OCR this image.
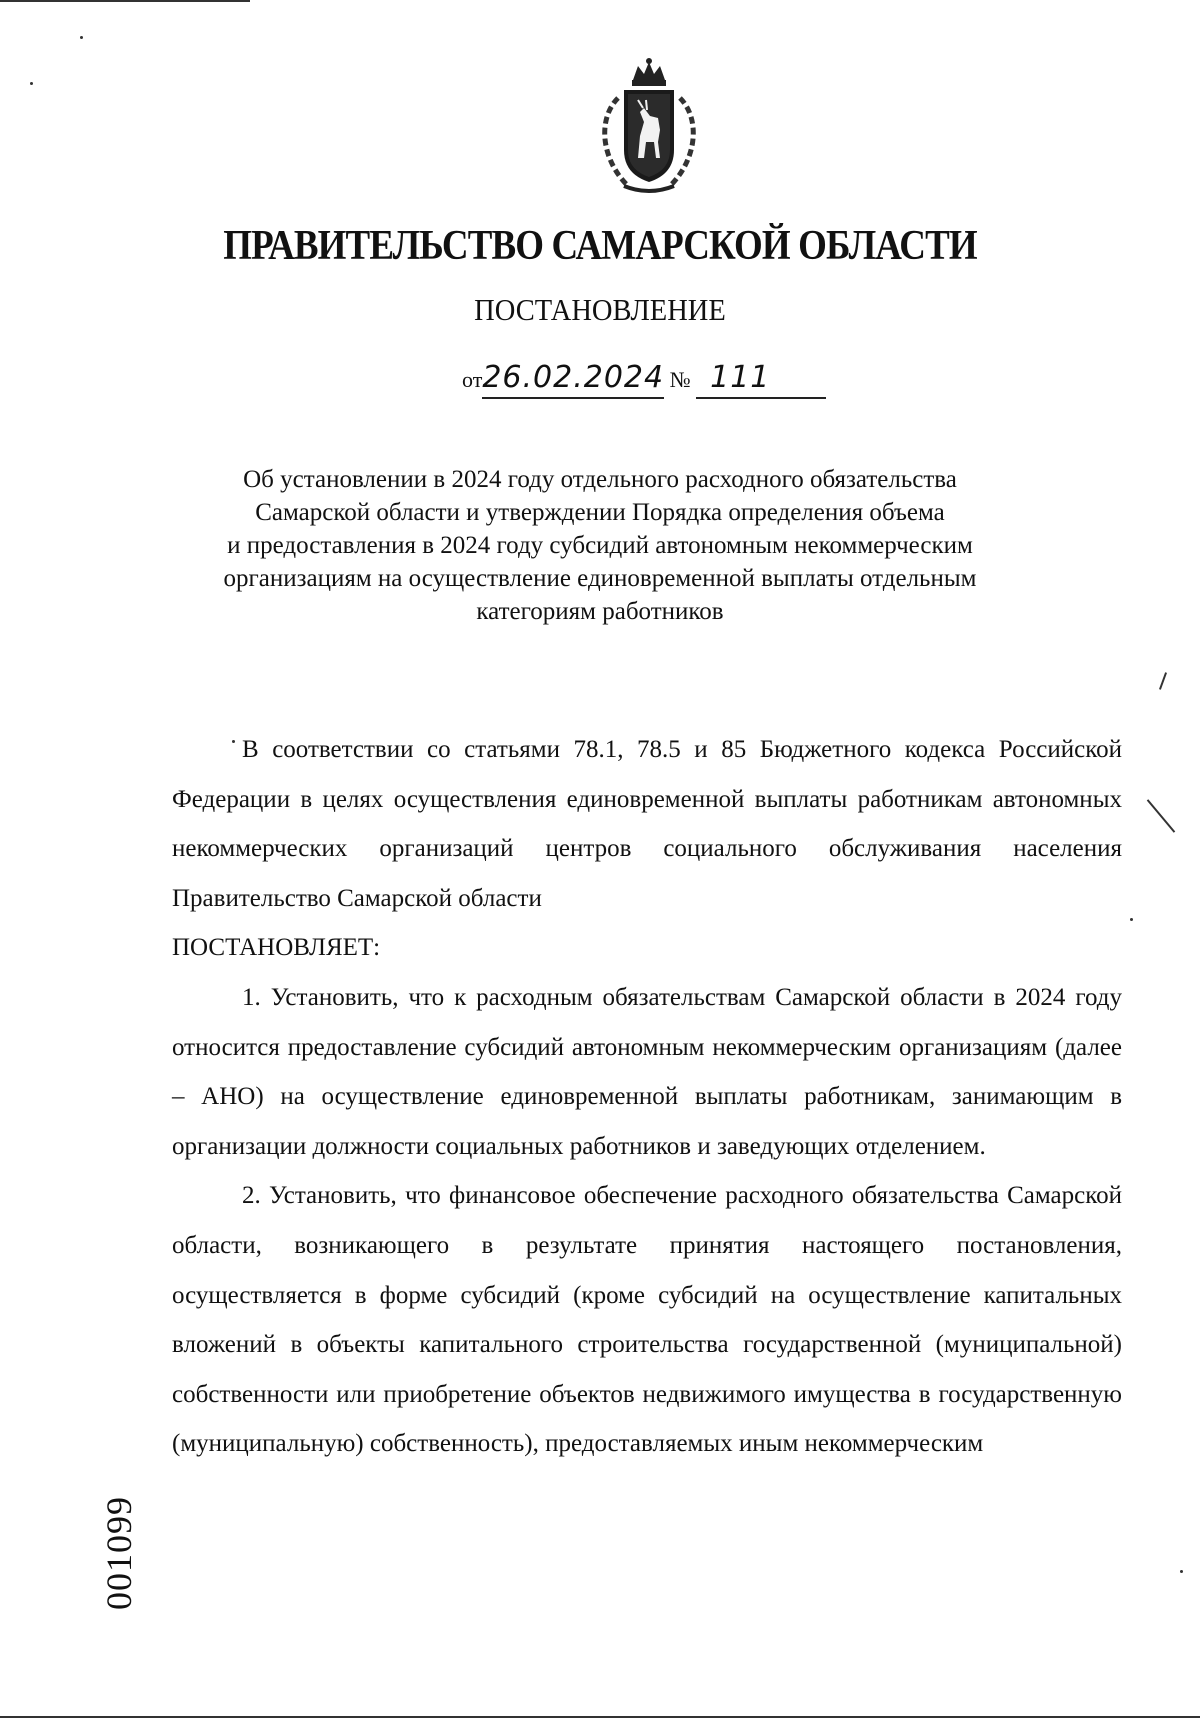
ПРАВИТЕЛЬСТВО САМАРСКОЙ ОБЛАСТИ
ПОСТАНОВЛЕНИЕ
от26.02.2024 № 111
Об установлении в 2024 году отдельного расходного обязательства
Самарской области и утверждении Порядка определения объема
и предоставления в 2024 году субсидий автономным некоммерческим
организациям на осуществление единовременной выплаты отдельным
категориям работников

В соответствии со статьями 78.1, 78.5 и 85 Бюджетного кодекса Российской Федерации в целях осуществления единовременной выплаты работникам автономных некоммерческих организаций центров социального обслуживания населения Правительство Самарской области

ПОСТАНОВЛЯЕТ:

1. Установить, что к расходным обязательствам Самарской области в 2024 году относится предоставление субсидий автономным некоммерческим организациям (далее – АНО) на осуществление единовременной выплаты работникам, занимающим в организации должности социальных работников и заведующих отделением.

2. Установить, что финансовое обеспечение расходного обязательства Самарской области, возникающего в результате принятия настоящего постановления, осуществляется в форме субсидий (кроме субсидий на осуществление капитальных вложений в объекты капитального строительства государственной (муниципальной) собственности или приобретение объектов недвижимого имущества в государственную (муниципальную) собственность), предоставляемых иным некоммерческим

001099
